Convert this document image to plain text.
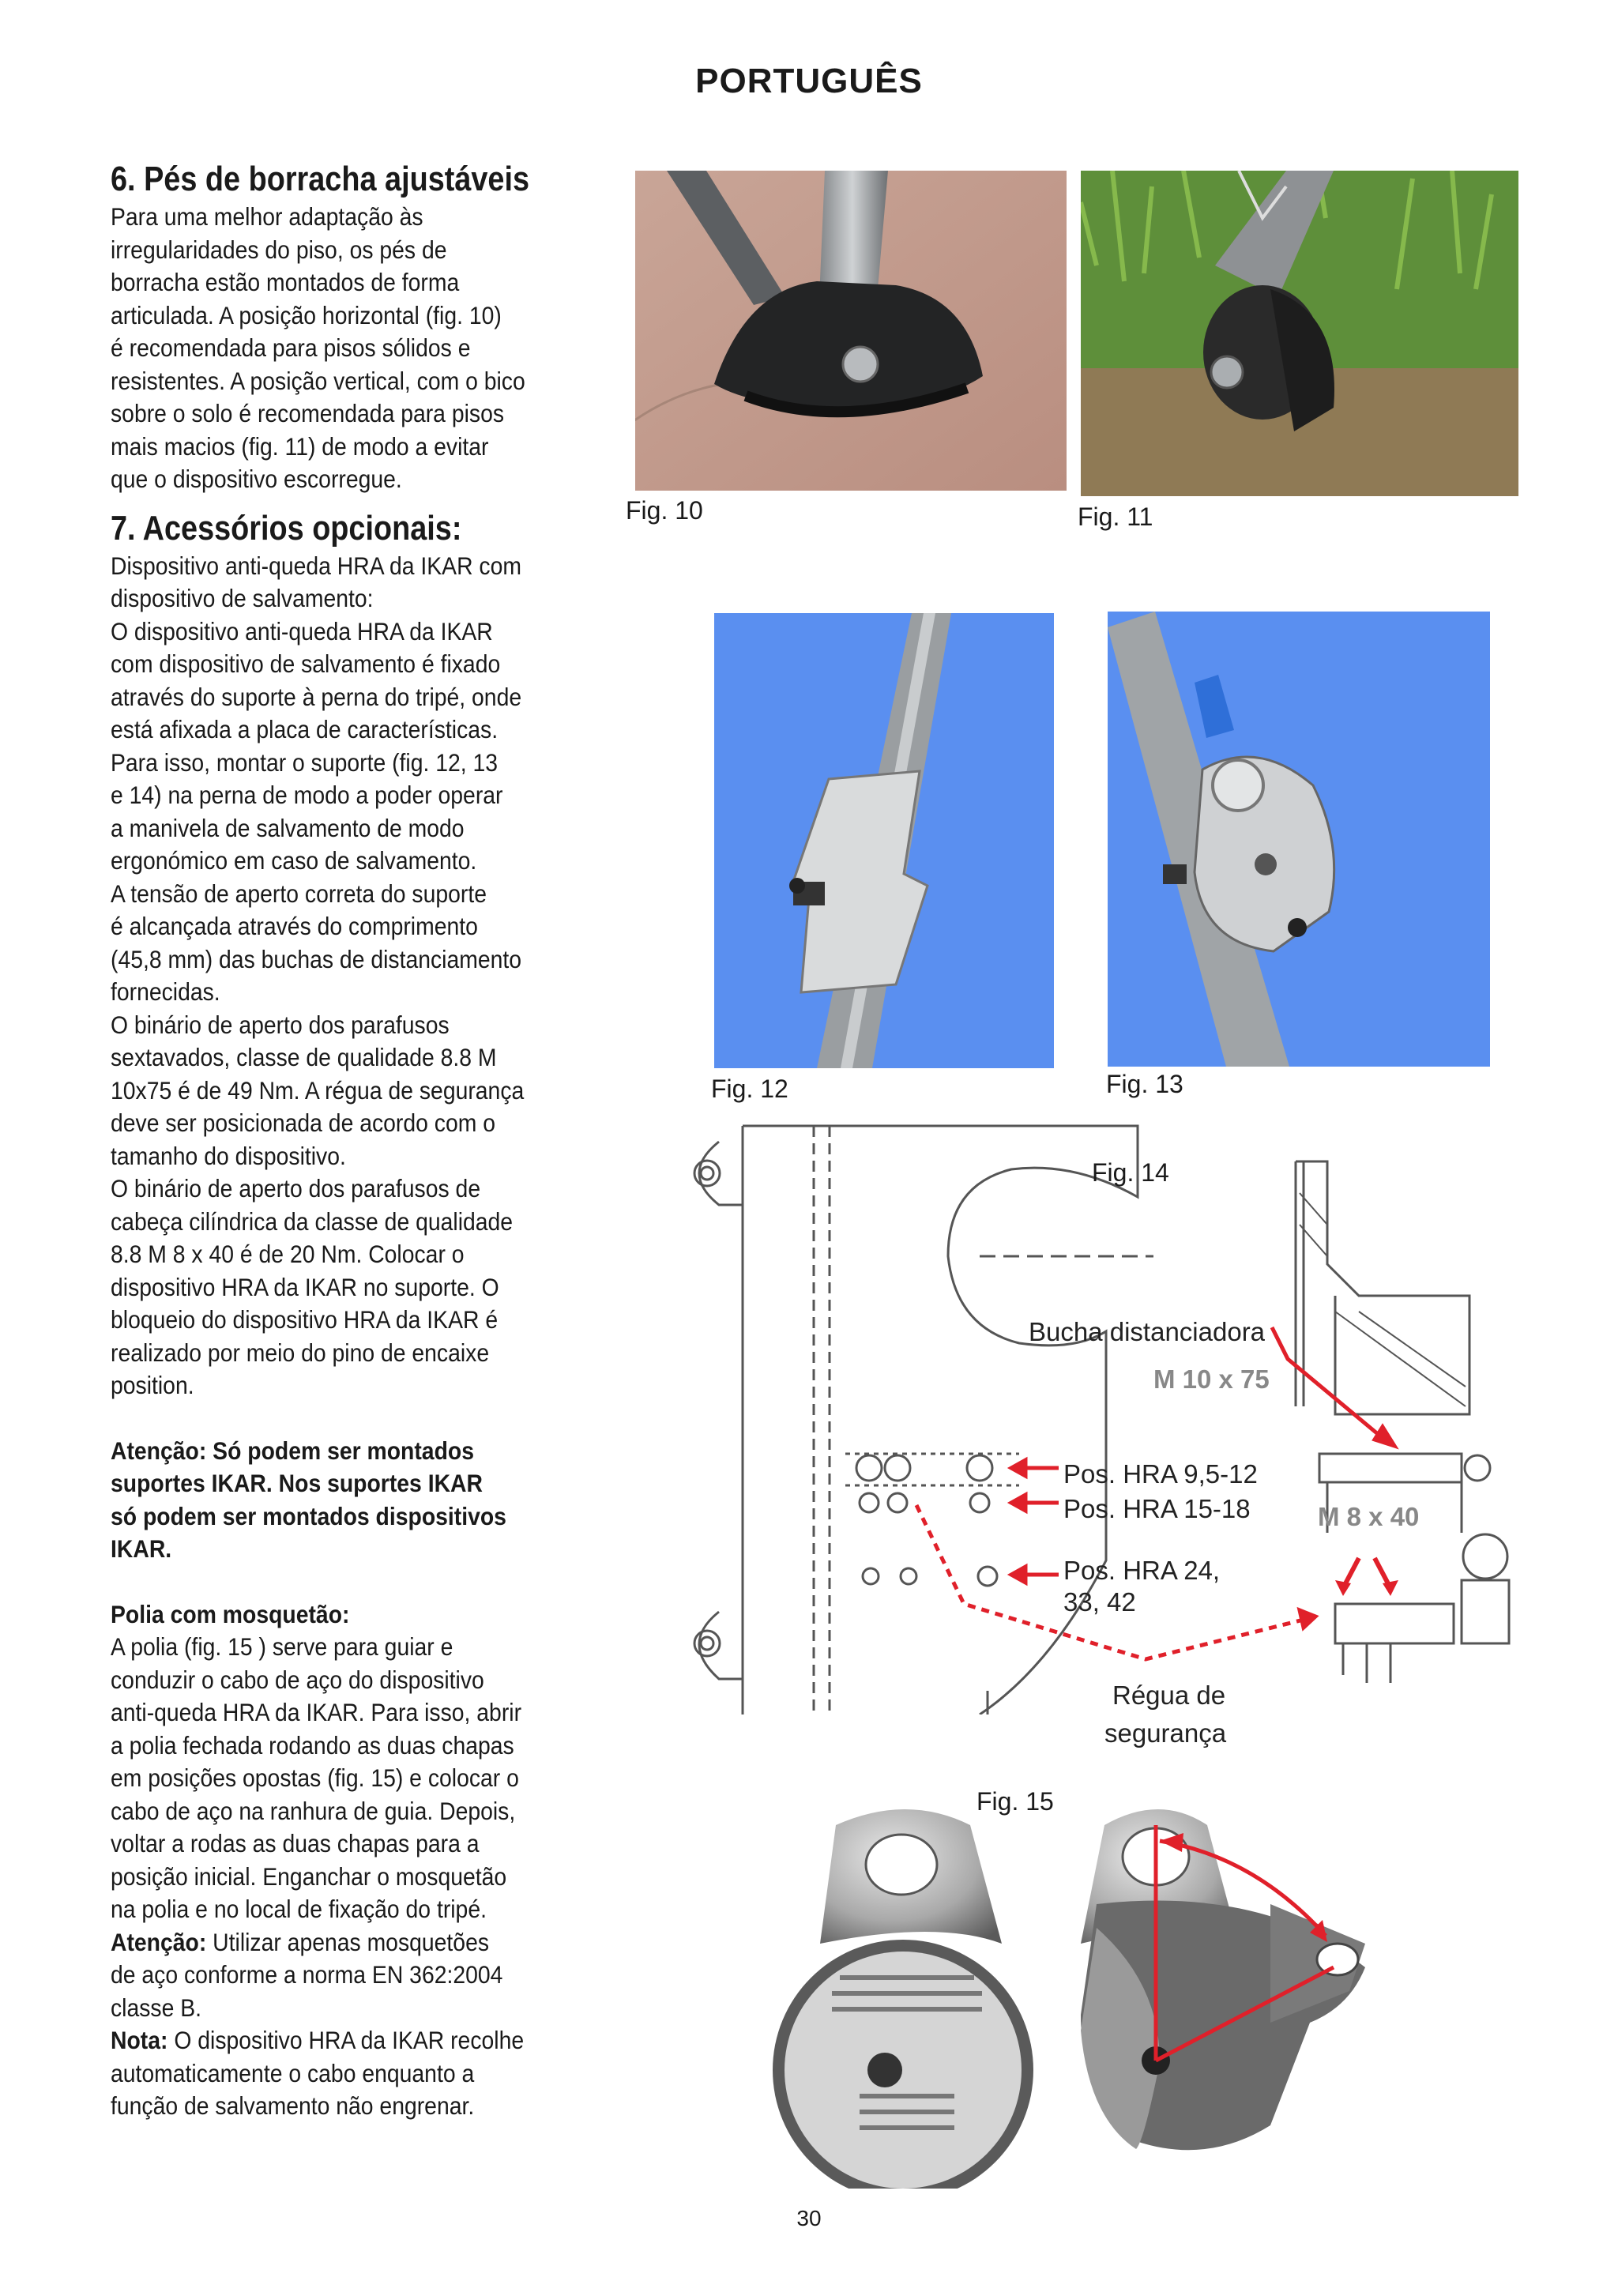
PORTUGUÊS
6. Pés de borracha ajustáveis
Para uma melhor adaptação às
irregularidades do piso, os pés de
borracha estão montados de forma
articulada. A posição horizontal (fig. 10)
é recomendada para pisos sólidos e
resistentes. A posição vertical, com o bico
sobre o solo é recomendada para pisos
mais macios (fig. 11) de modo a evitar
que o dispositivo escorregue.
7. Acessórios opcionais:
Dispositivo anti-queda HRA da IKAR com
dispositivo de salvamento:
O dispositivo anti-queda HRA da IKAR
com dispositivo de salvamento é fixado
através do suporte à perna do tripé, onde
está afixada a placa de características.
Para isso, montar o suporte (fig. 12, 13
e 14) na perna de modo a poder operar
a manivela de salvamento de modo
ergonómico em caso de salvamento.
A tensão de aperto correta do suporte
é alcançada através do comprimento
(45,8 mm) das buchas de distanciamento
fornecidas.
O binário de aperto dos parafusos
sextavados, classe de qualidade 8.8 M
10x75 é de 49 Nm. A régua de segurança
deve ser posicionada de acordo com o
tamanho do dispositivo.
O binário de aperto dos parafusos de
cabeça cilíndrica da classe de qualidade
8.8 M 8 x 40 é de 20 Nm. Colocar o
dispositivo HRA da IKAR no suporte. O
bloqueio do dispositivo HRA da IKAR é
realizado por meio do pino de encaixe
position.
Atenção: Só podem ser montados
suportes IKAR. Nos suportes IKAR
só podem ser montados dispositivos
IKAR.
Polia com mosquetão:
A polia (fig. 15 ) serve para guiar e
conduzir o cabo de aço do dispositivo
anti-queda HRA da IKAR. Para isso, abrir
a polia fechada rodando as duas chapas
em posições opostas (fig. 15) e colocar o
cabo de aço na ranhura de guia. Depois,
voltar a rodas as duas chapas para a
posição inicial. Enganchar o mosquetão
na polia e no local de fixação do tripé.
Atenção: Utilizar apenas mosquetões
de aço conforme a norma EN 362:2004
classe B.
Nota: O dispositivo HRA da IKAR recolhe
automaticamente o cabo enquanto a
função de salvamento não engrenar.
Fig. 10	Fig. 11
Fig. 12	Fig. 13
Fig. 14
Bucha distanciadora
M 10 x 75
M 8 x 40
Pos. HRA 9,5-12
Pos. HRA 15-18
Pos. HRA 24,
33, 42
Régua de
segurança
Fig. 15
30
